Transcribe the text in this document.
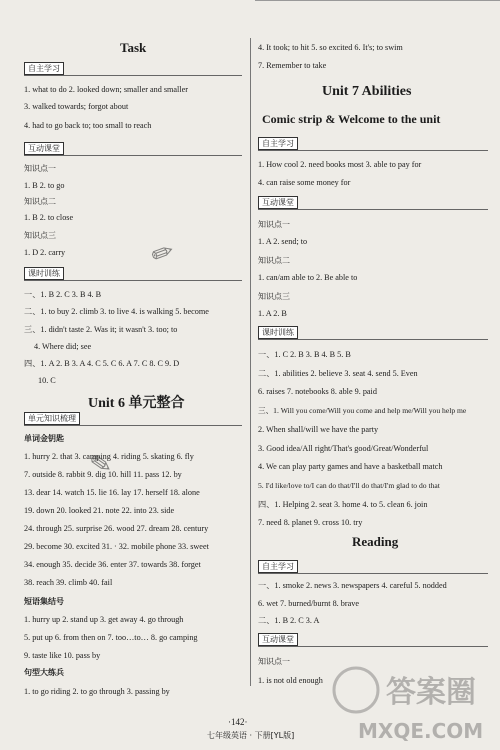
Task
自主学习
1. what to do 2. looked down; smaller and smaller
3. walked towards; forgot about
4. had to go back to; too small to reach
互动课堂
知识点一
1. B 2. to go
知识点二
1. B 2. to close
知识点三
1. D 2. carry
课时训练
一、1. B 2. C 3. B 4. B
二、1. to buy 2. climb 3. to live 4. is walking 5. become
三、1. didn't taste 2. Was it; it wasn't 3. too; to
4. Where did; see
四、1. A 2. B 3. A 4. C 5. C 6. A 7. C 8. C 9. D
10. C
Unit 6 单元整合
单元知识梳理
单词金钥匙
1. hurry 2. that 3. camping 4. riding 5. skating 6. fly
7. outside 8. rabbit 9. dig 10. hill 11. pass 12. by
13. dear 14. watch 15. lie 16. lay 17. herself 18. alone
19. down 20. looked 21. note 22. into 23. side
24. through 25. surprise 26. wood 27. dream 28. century
29. become 30. excited 31. · 32. mobile phone 33. sweet
34. enough 35. decide 36. enter 37. towards 38. forget
38. reach 39. climb 40. fail
短语集结号
1. hurry up 2. stand up 3. get away 4. go through
5. put up 6. from then on 7. too…to… 8. go camping
9. taste like 10. pass by
句型大练兵
1. to go riding 2. to go through 3. passing by
✐
✎
4. It took; to hit 5. so excited 6. It's; to swim
7. Remember to take
Unit 7 Abilities
Comic strip & Welcome to the unit
自主学习
1. How cool 2. need books most 3. able to pay for
4. can raise some money for
互动课堂
知识点一
1. A 2. send; to
知识点二
1. can/am able to 2. Be able to
知识点三
1. A 2. B
课时训练
一、1. C 2. B 3. B 4. B 5. B
二、1. abilities 2. believe 3. seat 4. send 5. Even
6. raises 7. notebooks 8. able 9. paid
三、1. Will you come/Will you come and help me/Will you help me
2. When shall/will we have the party
3. Good idea/All right/That's good/Great/Wonderful
4. We can play party games and have a basketball match
5. I'd like/love to/I can do that/I'll do that/I'm glad to do that
四、1. Helping 2. seat 3. home 4. to 5. clean 6. join
7. need 8. planet 9. cross 10. try
Reading
自主学习
一、1. smoke 2. news 3. newspapers 4. careful 5. nodded
6. wet 7. burned/burnt 8. brave
二、1. B 2. C 3. A
互动课堂
知识点一
1. is not old enough 答案圈
MXQE.COM
·142·
七年级英语 · 下册[YL版]
